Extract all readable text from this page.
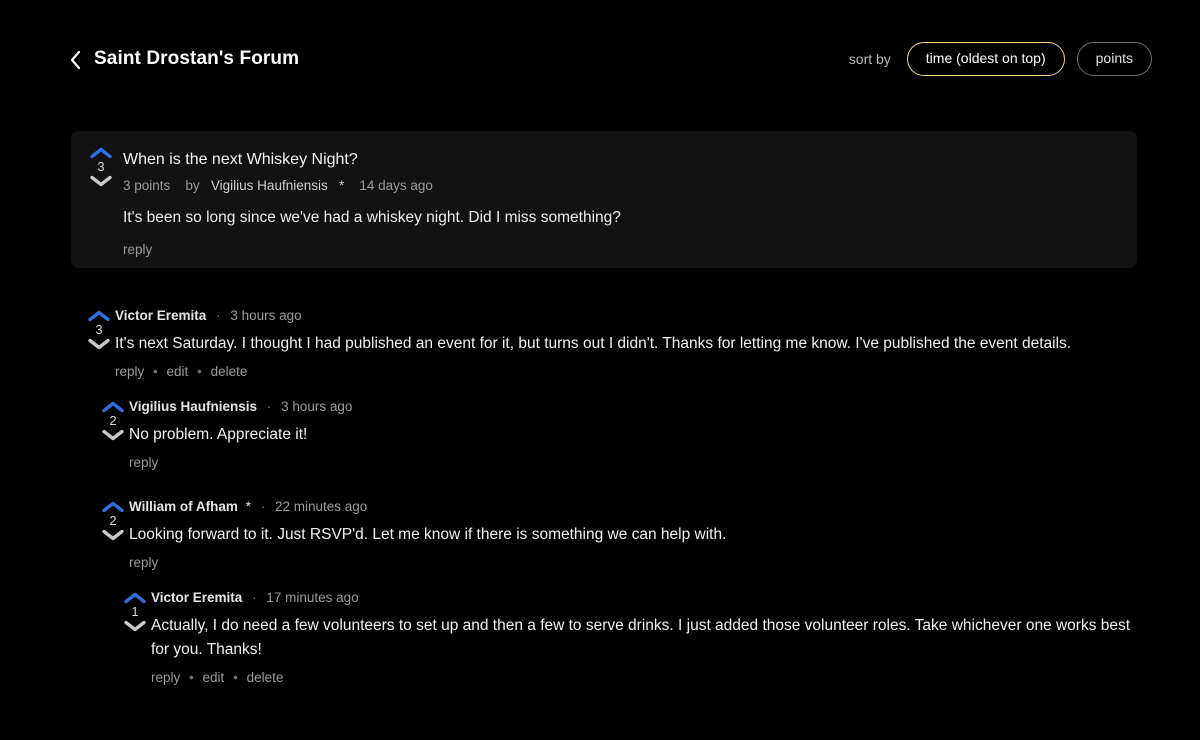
Saint Drostan's Forum	sort by	time (oldest on top)	points
3	When is the next Whiskey Night?
3 points by Vigilius Haufniensis * 14 days ago
It's been so long since we've had a whiskey night. Did I miss something?
reply
3
Victor Eremita · 3 hours ago
It's next Saturday. I thought I had published an event for it, but turns out I didn't. Thanks for letting me know. I've published the event details.
reply • edit • delete
2
Vigilius Haufniensis · 3 hours ago
No problem. Appreciate it!
reply
2
William of Afham * · 22 minutes ago
Looking forward to it. Just RSVP'd. Let me know if there is something we can help with.
reply
1
Victor Eremita · 17 minutes ago
Actually, I do need a few volunteers to set up and then a few to serve drinks. I just added those volunteer roles. Take whichever one works best for you. Thanks!
reply • edit • delete
